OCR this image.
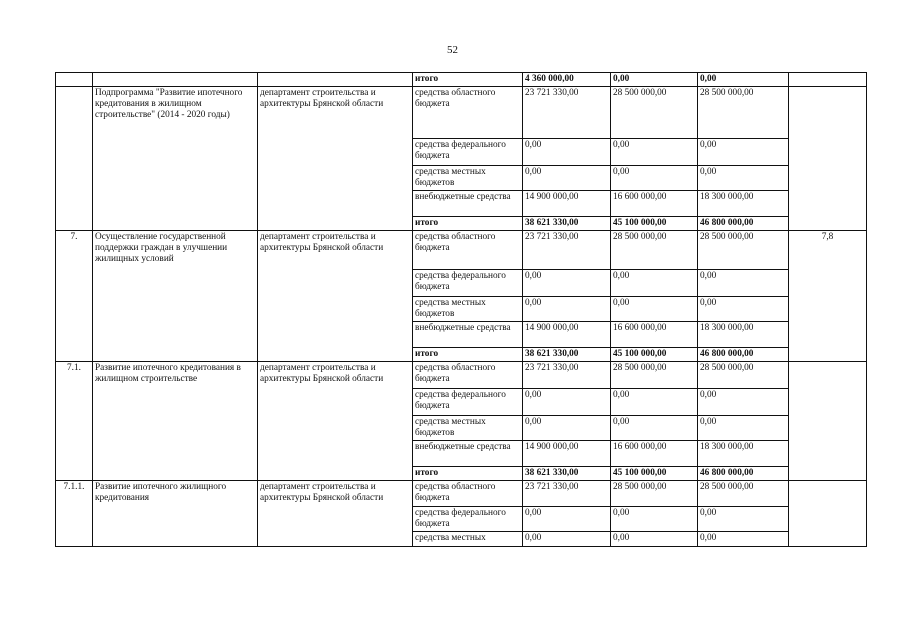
52
			итого	4 360 000,00	0,00	0,00	
	Подпрограмма "Развитие ипотечного кредитования в жилищном строительстве" (2014 - 2020 годы)	департамент строительства и архитектуры Брянской области	средства областного бюджета	23 721 330,00	28 500 000,00	28 500 000,00	
			средства федерального бюджета	0,00	0,00	0,00	
			средства местных бюджетов	0,00	0,00	0,00	
			внебюджетные средства	14 900 000,00	16 600 000,00	18 300 000,00	
			итого	38 621 330,00	45 100 000,00	46 800 000,00	
7.	Осуществление государственной поддержки граждан в улучшении жилищных условий	департамент строительства и архитектуры Брянской области	средства областного бюджета	23 721 330,00	28 500 000,00	28 500 000,00	7,8
			средства федерального бюджета	0,00	0,00	0,00	
			средства местных бюджетов	0,00	0,00	0,00	
			внебюджетные средства	14 900 000,00	16 600 000,00	18 300 000,00	
			итого	38 621 330,00	45 100 000,00	46 800 000,00	
7.1.	Развитие ипотечного кредитования в жилищном строительстве	департамент строительства и архитектуры Брянской области	средства областного бюджета	23 721 330,00	28 500 000,00	28 500 000,00	
			средства федерального бюджета	0,00	0,00	0,00	
			средства местных бюджетов	0,00	0,00	0,00	
			внебюджетные средства	14 900 000,00	16 600 000,00	18 300 000,00	
			итого	38 621 330,00	45 100 000,00	46 800 000,00	
7.1.1.	Развитие ипотечного жилищного кредитования	департамент строительства и архитектуры Брянской области	средства областного бюджета	23 721 330,00	28 500 000,00	28 500 000,00	
			средства федерального бюджета	0,00	0,00	0,00	
			средства местных	0,00	0,00	0,00	
